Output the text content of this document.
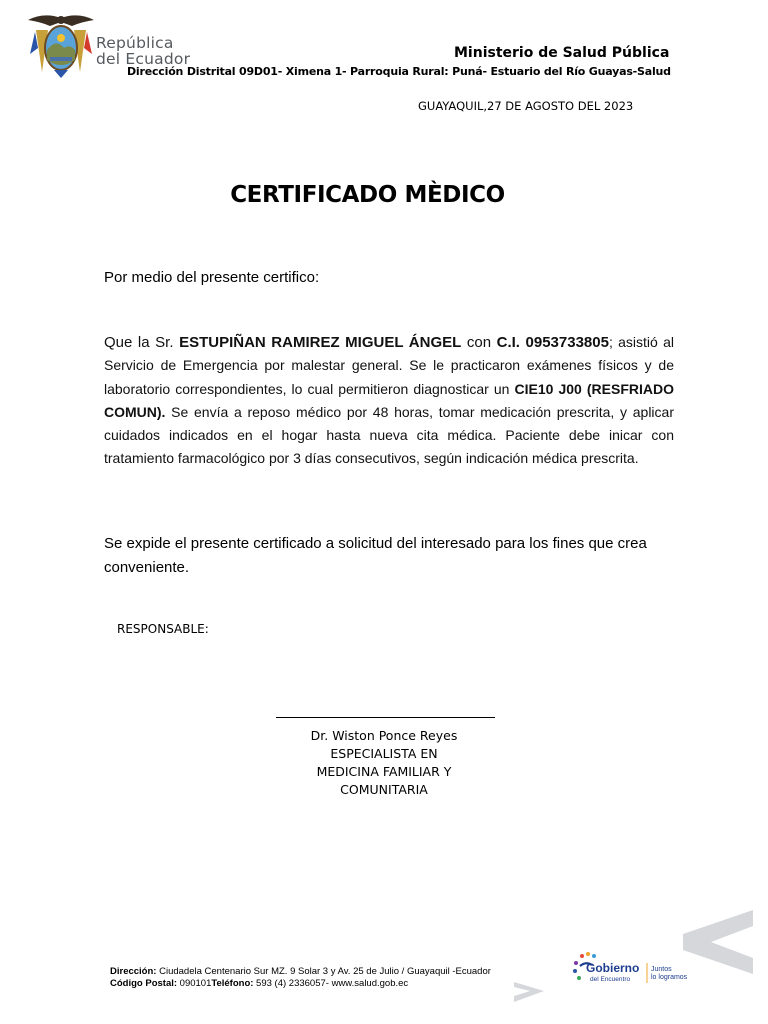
República
del Ecuador	Ministerio de Salud Pública
Dirección Distrital 09D01- Ximena 1- Parroquia Rural: Puná- Estuario del Río Guayas-Salud
GUAYAQUIL,27 DE AGOSTO DEL 2023
CERTIFICADO MÈDICO
Por medio del presente certifico:
Que la Sr. ESTUPIÑAN RAMIREZ MIGUEL ÁNGEL con C.I. 0953733805; asistió al Servicio de Emergencia por malestar general. Se le practicaron exámenes físicos y de laboratorio correspondientes, lo cual permitieron diagnosticar un CIE10 J00 (RESFRIADO COMUN). Se envía a reposo médico por 48 horas, tomar medicación prescrita, y aplicar cuidados indicados en el hogar hasta nueva cita médica. Paciente debe inicar con tratamiento farmacológico por 3 días consecutivos, según indicación médica prescrita.
Se expide el presente certificado a solicitud del interesado para los fines que crea conveniente.
RESPONSABLE:
Dr. Wiston Ponce Reyes
ESPECIALISTA EN
MEDICINA FAMILIAR Y
COMUNITARIA
Dirección: Ciudadela Centenario Sur MZ. 9 Solar 3 y Av. 25 de Julio / Guayaquil -Ecuador
Código Postal: 090101Teléfono: 593 (4) 2336057- www.salud.gob.ec
Gobierno
del Encuentro
Juntos
lo logramos
